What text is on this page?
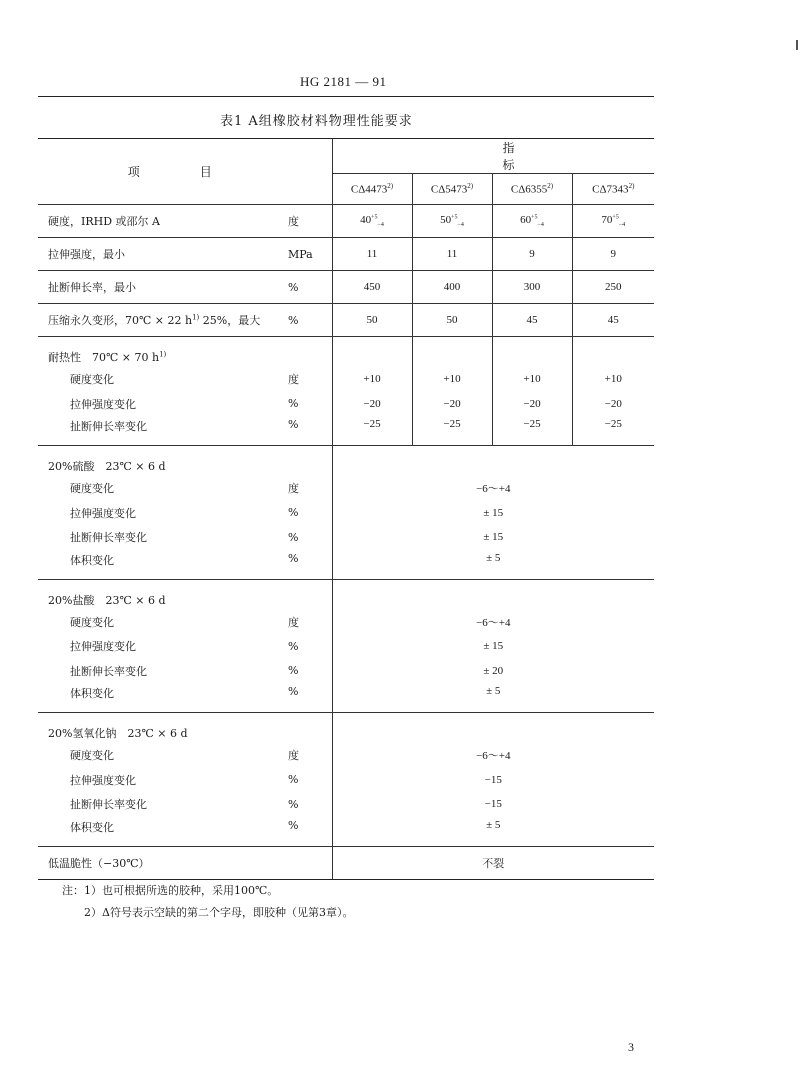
HG 2181 — 91
表1 A组橡胶材料物理性能要求
项目		指标			
		CΔ4473$^{2)}$	CΔ5473$^{2)}$	CΔ6355$^{2)}$	CΔ7343$^{2)}$
硬度，IRHD 或邵尔 A	度	$40^{+5}_{-4}$	$50^{+5}_{-4}$	$60^{+5}_{-4}$	$70^{+5}_{-4}$
拉伸强度，最小	MPa	11	11	9	9
扯断伸长率，最小	%	450	400	300	250
压缩永久变形，70℃ × 22 $h^{1)}$ 25%，最大	%	50	50	45	45
耐热性　70℃ × 70 $h^{1)}$				
硬度变化	度	+10	+10	+10	+10
拉伸强度变化	%	−20	−20	−20	−20
扯断伸长率变化	%	−25	−25	−25	−25
20%硫酸　23℃ × 6 d					
硬度变化	度	−6～+4			
拉伸强度变化	%	± 15			
扯断伸长率变化	%	± 15			
体积变化	%	± 5			
20%盐酸　23℃ × 6 d					
硬度变化	度	−6～+4			
拉伸强度变化	%	± 15			
扯断伸长率变化	%	± 20			
体积变化	%	± 5			
20%氢氧化钠　23℃ × 6 d					
硬度变化	度	−6～+4			
拉伸强度变化	%	−15			
扯断伸长率变化	%	−15			
体积变化	%	± 5			
低温脆性（−30℃）		不裂			
注：1）也可根据所选的胶种，采用100℃。
2）Δ符号表示空缺的第二个字母，即胶种（见第3章）。
3
